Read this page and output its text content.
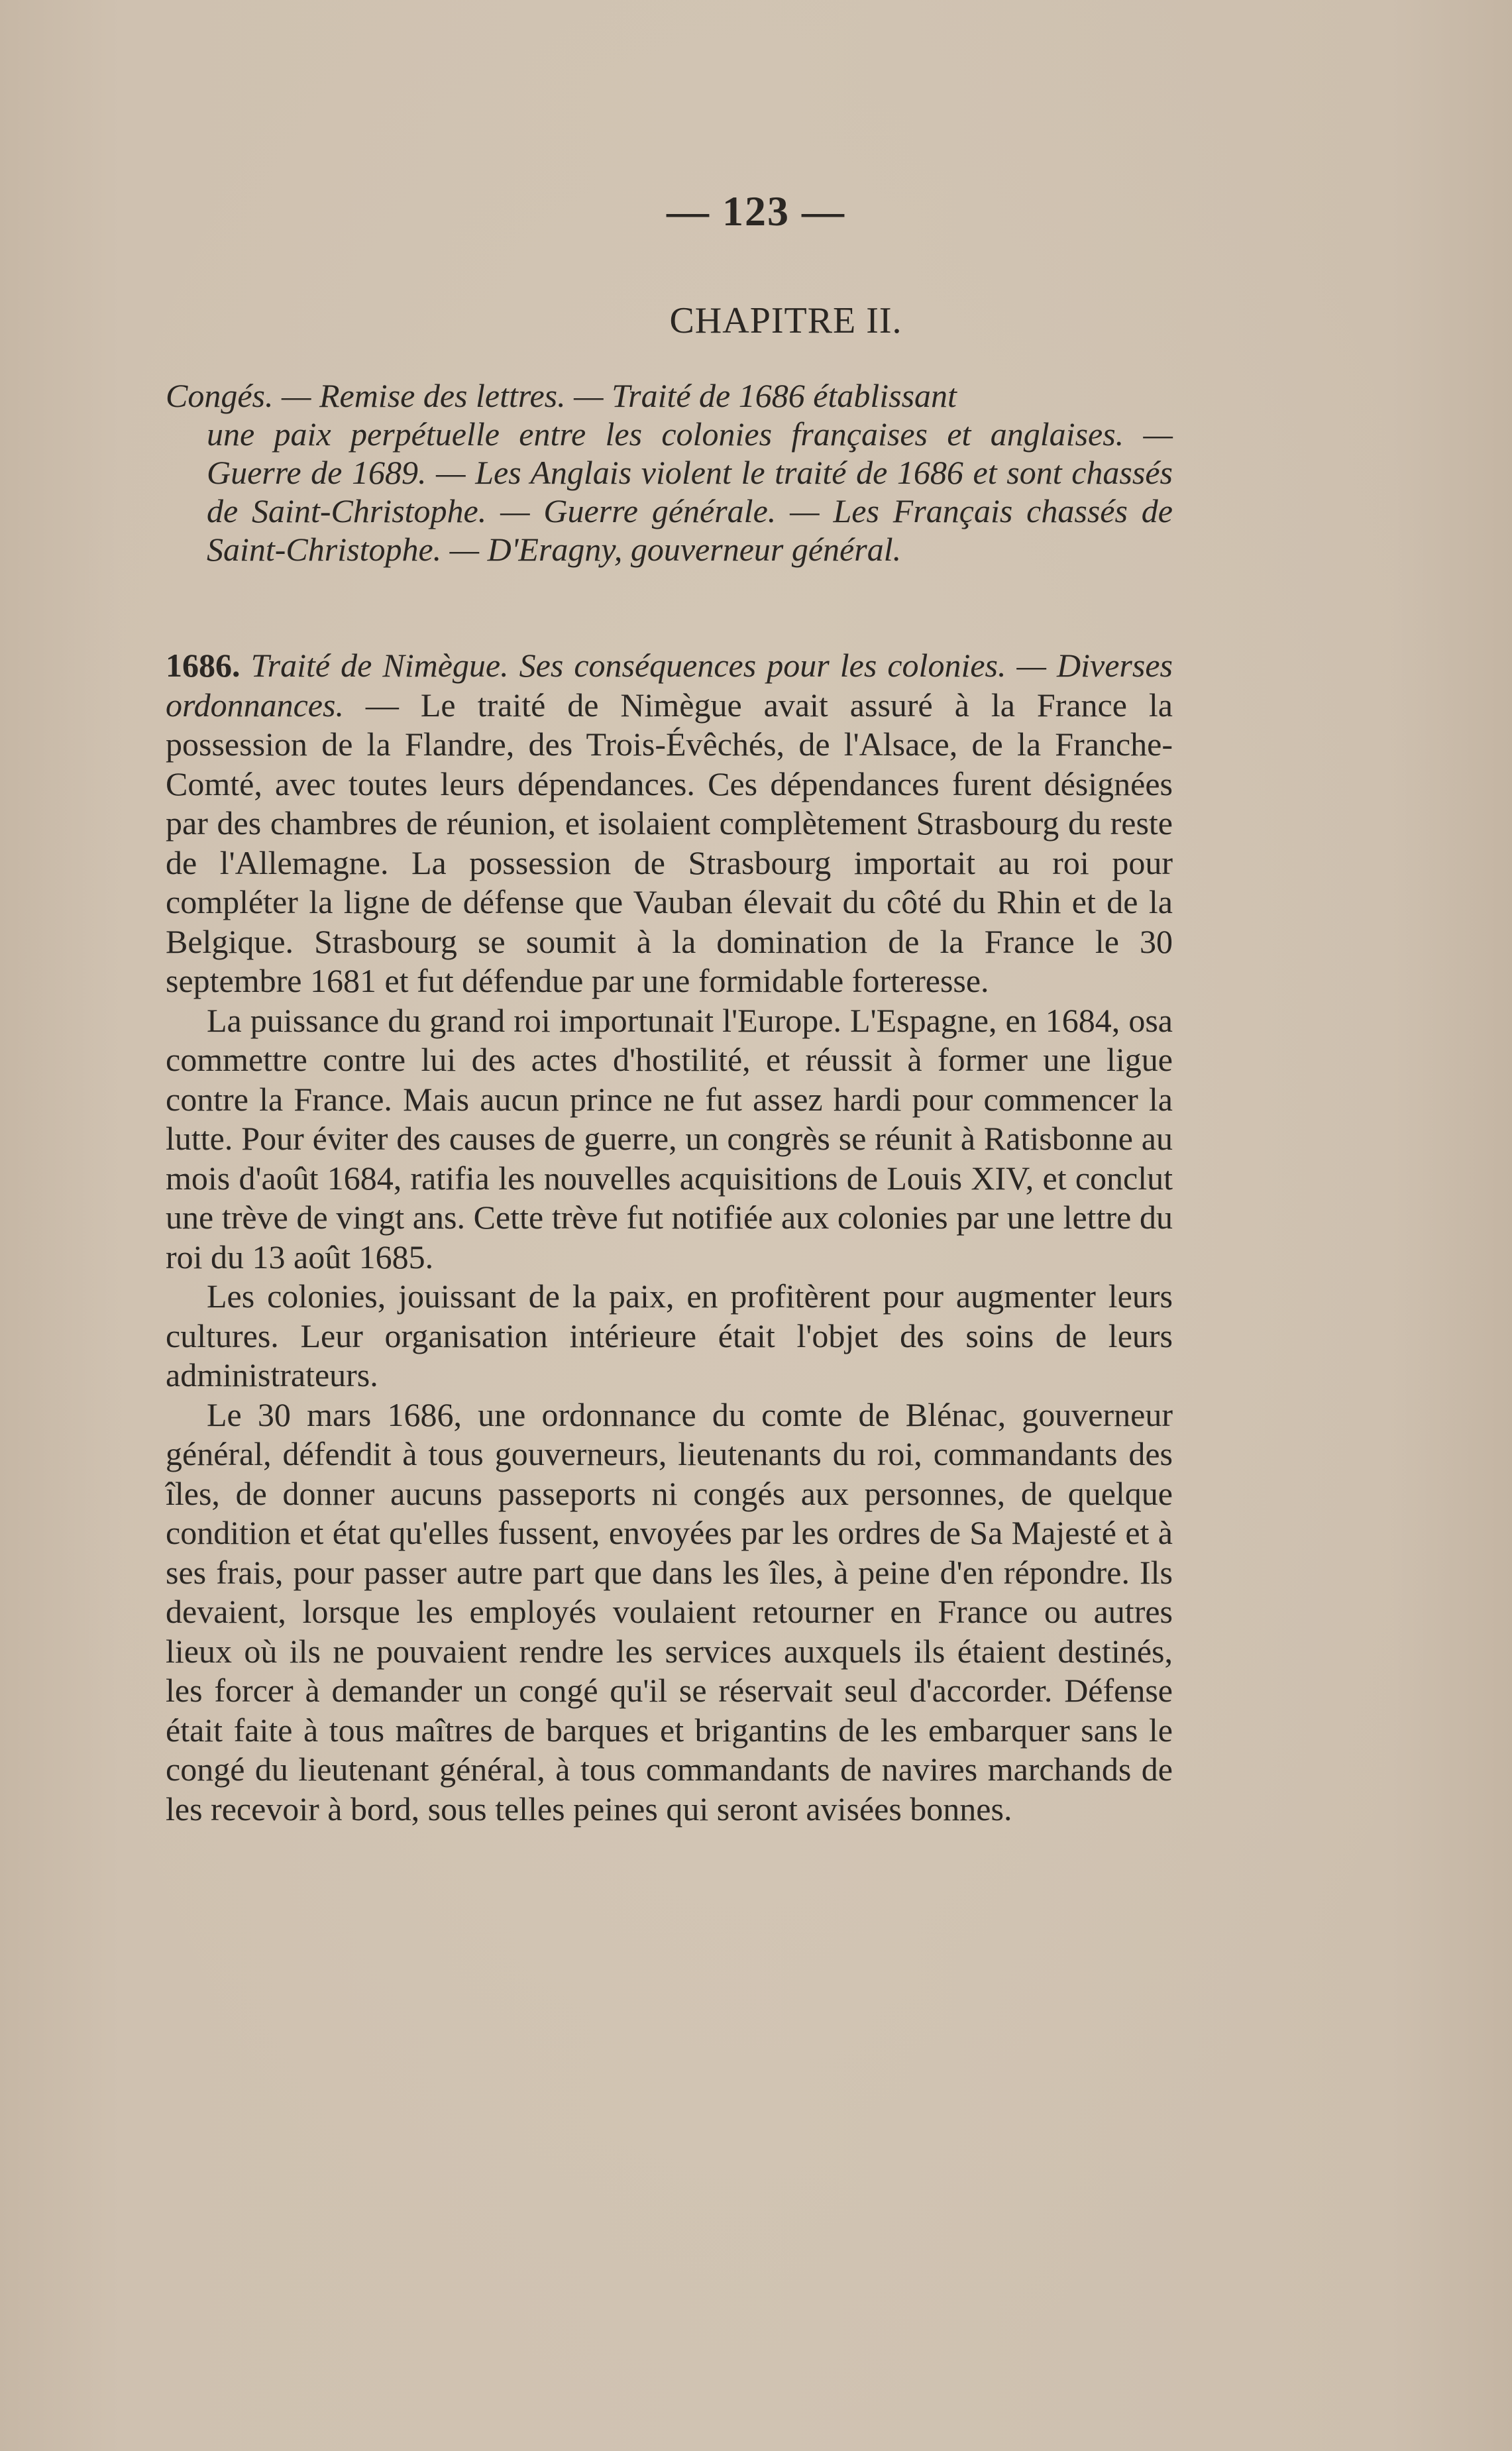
— 123 —
CHAPITRE II.
Congés. — Remise des lettres. — Traité de 1686 établissant
une paix perpétuelle entre les colonies françaises et anglaises. — Guerre de 1689. — Les Anglais violent le traité de 1686 et sont chassés de Saint-Christophe. — Guerre générale. — Les Français chassés de Saint-Christophe. — D'Eragny, gouverneur général.

1686. Traité de Nimègue. Ses conséquences pour les colonies. — Diverses ordonnances. — Le traité de Nimègue avait assuré à la France la possession de la Flandre, des Trois-Évêchés, de l'Alsace, de la Franche-Comté, avec toutes leurs dépendances. Ces dépendances furent désignées par des chambres de réunion, et isolaient complètement Strasbourg du reste de l'Allemagne. La possession de Strasbourg importait au roi pour compléter la ligne de défense que Vauban élevait du côté du Rhin et de la Belgique. Strasbourg se soumit à la domination de la France le 30 septembre 1681 et fut défendue par une formidable forteresse.

La puissance du grand roi importunait l'Europe. L'Espagne, en 1684, osa commettre contre lui des actes d'hostilité, et réussit à former une ligue contre la France. Mais aucun prince ne fut assez hardi pour commencer la lutte. Pour éviter des causes de guerre, un congrès se réunit à Ratisbonne au mois d'août 1684, ratifia les nouvelles acquisitions de Louis XIV, et conclut une trève de vingt ans. Cette trève fut notifiée aux colonies par une lettre du roi du 13 août 1685.

Les colonies, jouissant de la paix, en profitèrent pour augmenter leurs cultures. Leur organisation intérieure était l'objet des soins de leurs administrateurs.

Le 30 mars 1686, une ordonnance du comte de Blénac, gouverneur général, défendit à tous gouverneurs, lieutenants du roi, commandants des îles, de donner aucuns passeports ni congés aux personnes, de quelque condition et état qu'elles fussent, envoyées par les ordres de Sa Majesté et à ses frais, pour passer autre part que dans les îles, à peine d'en répondre. Ils devaient, lorsque les employés voulaient retourner en France ou autres lieux où ils ne pouvaient rendre les services auxquels ils étaient destinés, les forcer à demander un congé qu'il se réservait seul d'accorder. Défense était faite à tous maîtres de barques et brigantins de les embarquer sans le congé du lieutenant général, à tous commandants de navires marchands de les recevoir à bord, sous telles peines qui seront avisées bonnes.
